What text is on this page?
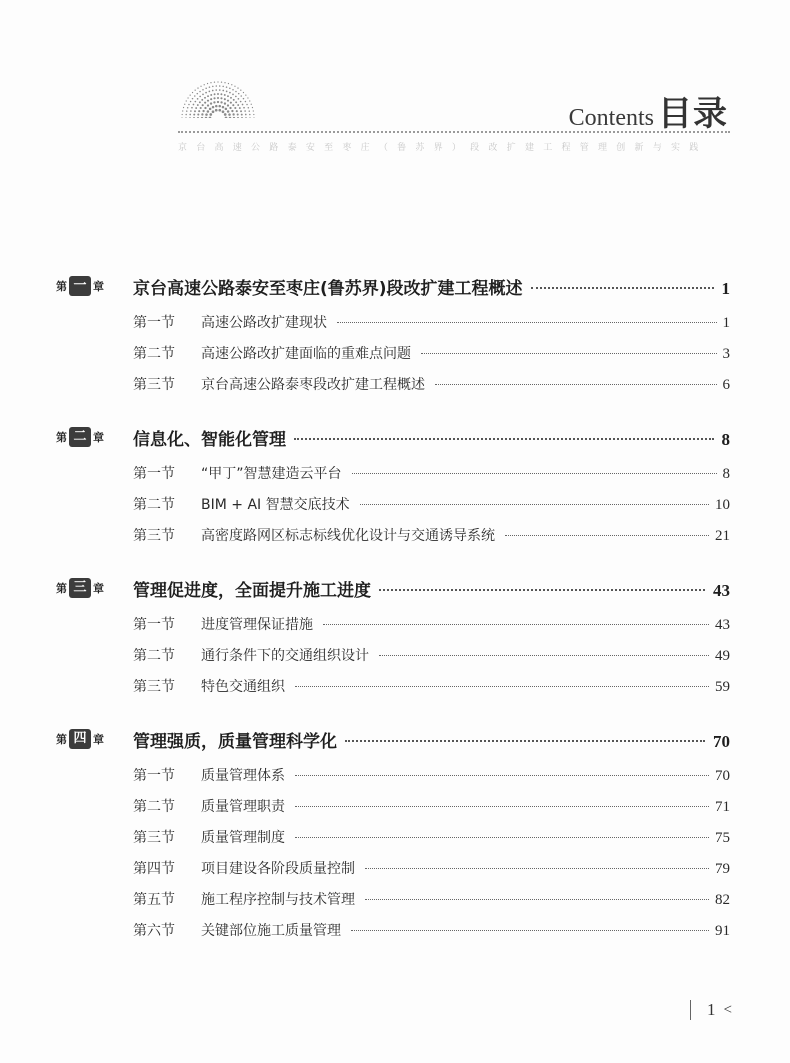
Contents 目录
京 台 高 速 公 路 泰 安 至 枣 庄 （ 鲁 苏 界 ） 段 改 扩 建 工 程 管 理 创 新 与 实 践
第 一 章 京台高速公路泰安至枣庄(鲁苏界)段改扩建工程概述	1
第一节	高速公路改扩建现状	1
第二节	高速公路改扩建面临的重难点问题	3
第三节	京台高速公路泰枣段改扩建工程概述	6
第 二 章 信息化、智能化管理	8
第一节	“甲丁”智慧建造云平台	8
第二节	BIM + AI 智慧交底技术	10
第三节	高密度路网区标志标线优化设计与交通诱导系统	21
第 三 章 管理促进度，全面提升施工进度	43
第一节	进度管理保证措施	43
第二节	通行条件下的交通组织设计	49
第三节	特色交通组织	59
第 四 章 管理强质，质量管理科学化	70
第一节	质量管理体系	70
第二节	质量管理职责	71
第三节	质量管理制度	75
第四节	项目建设各阶段质量控制	79
第五节	施工程序控制与技术管理	82
第六节	关键部位施工质量管理	91
1 <
